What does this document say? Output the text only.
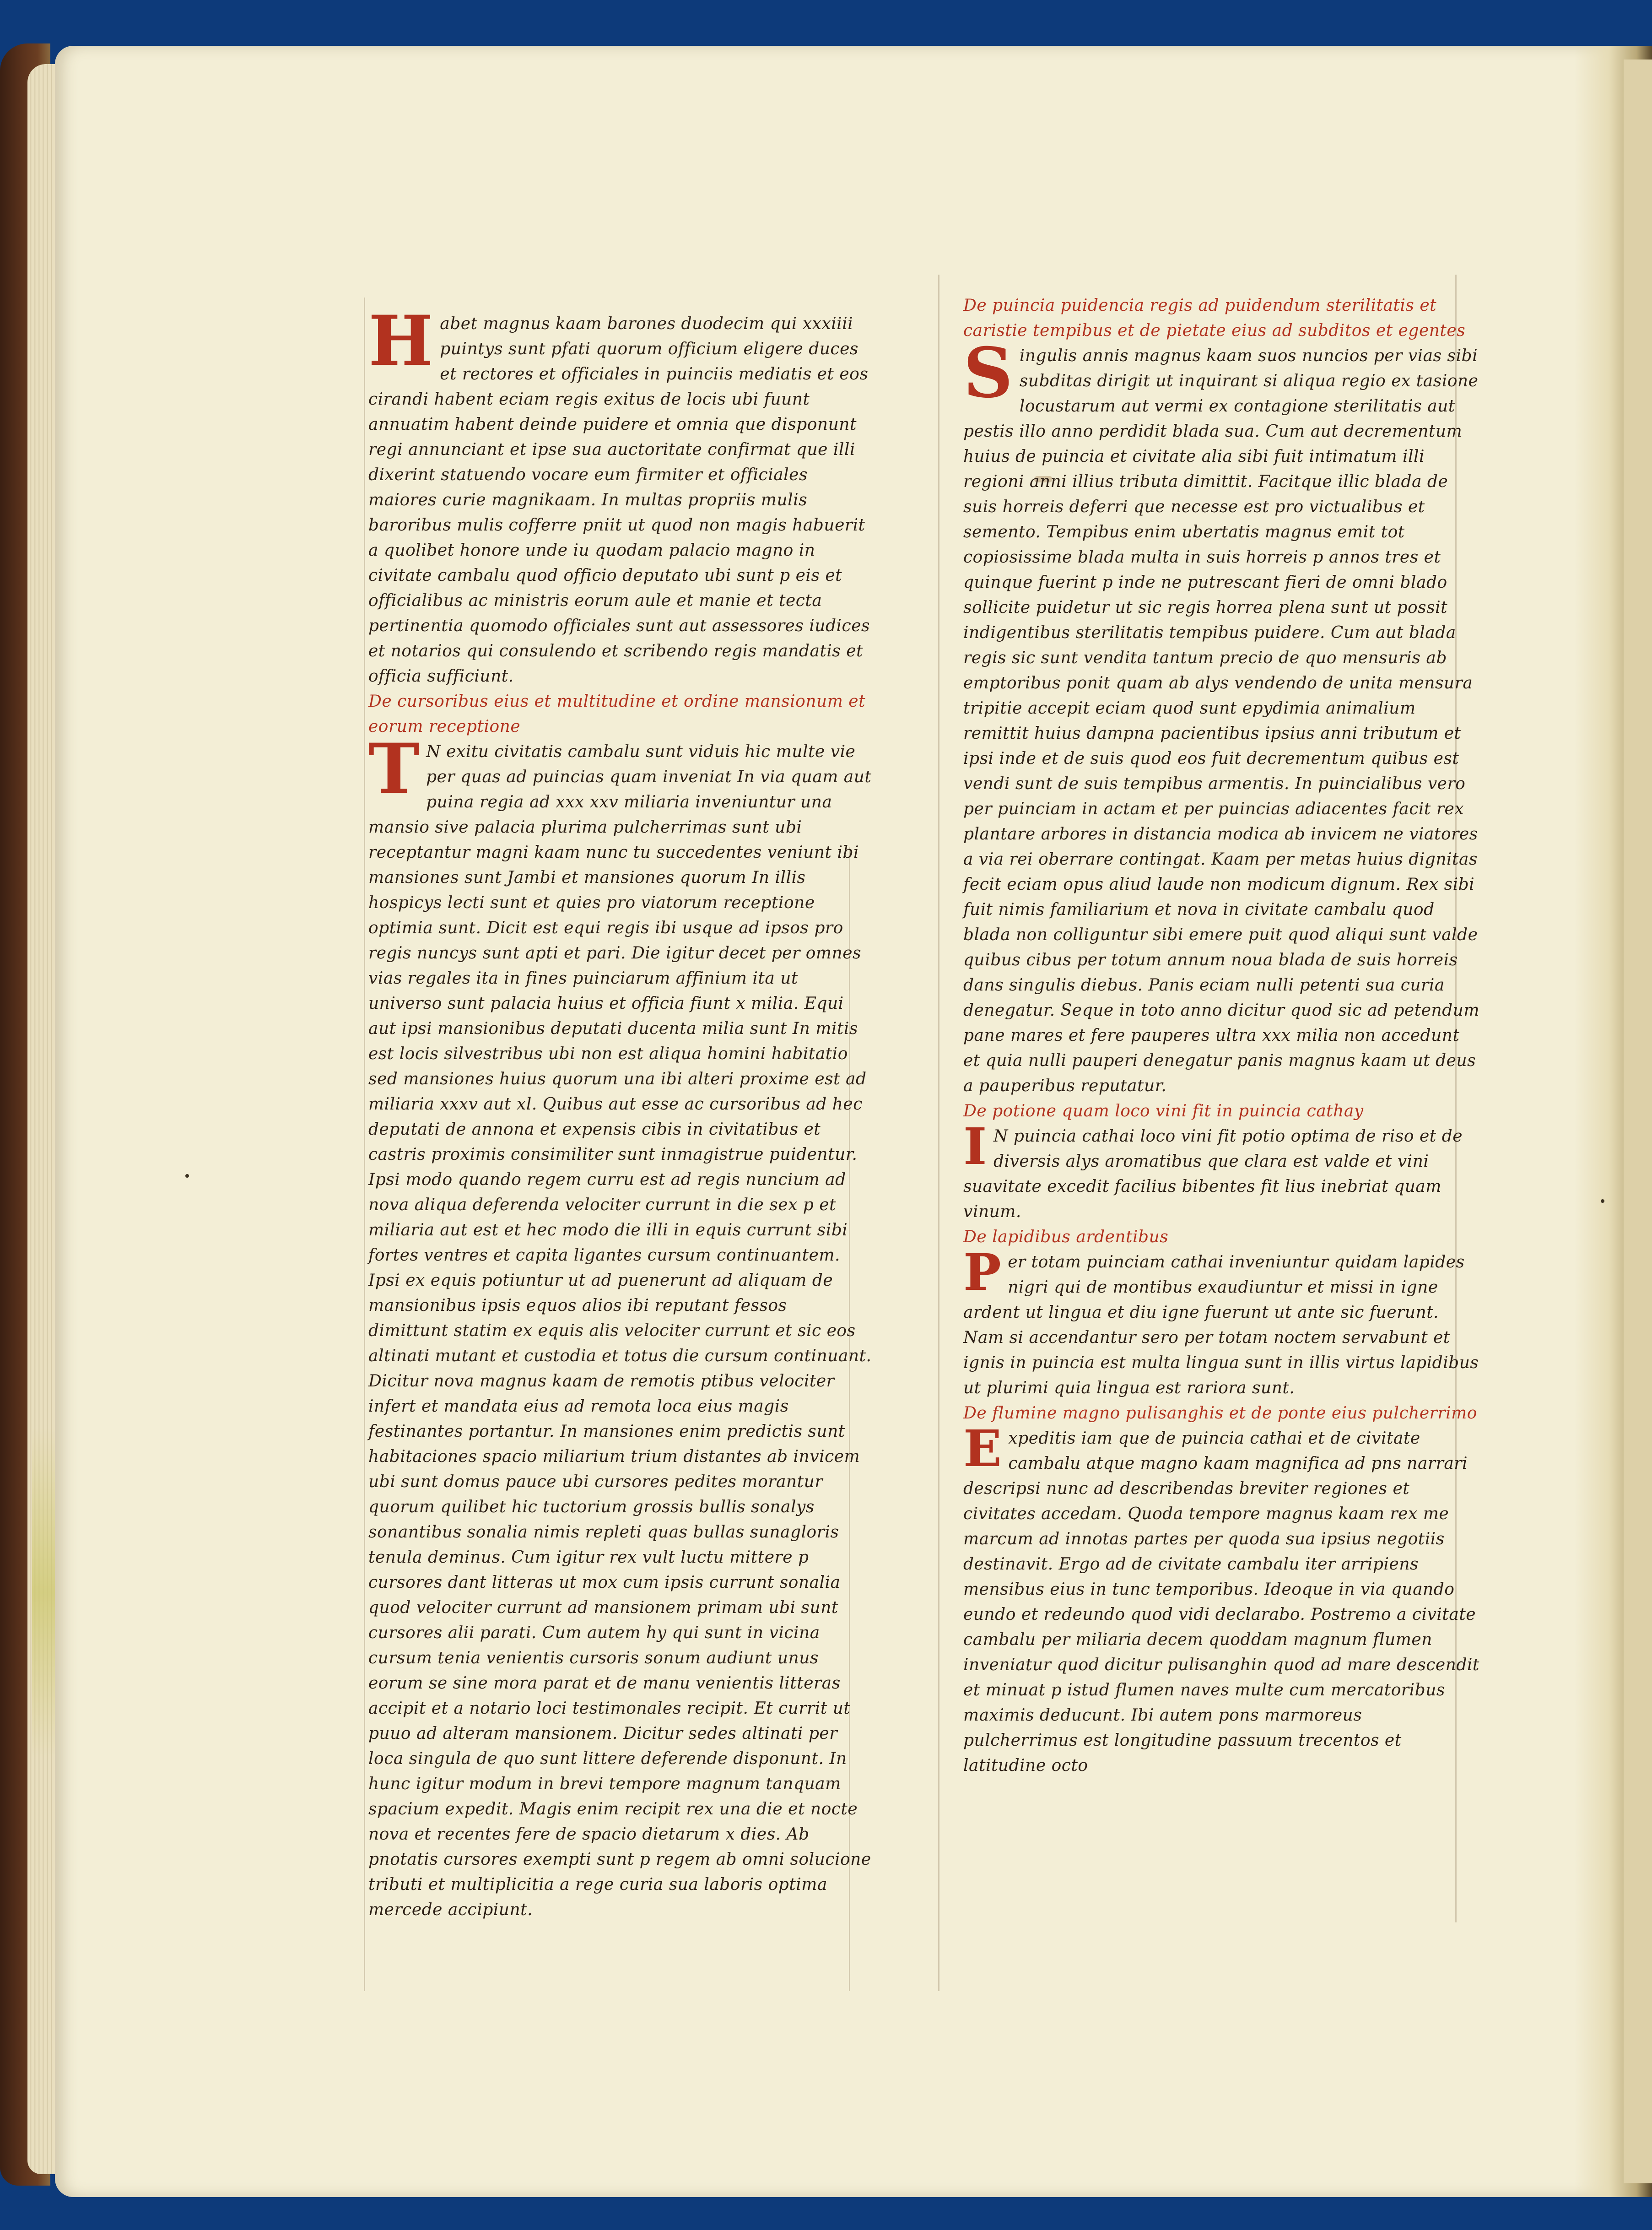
H abet magnus kaam barones duodecim qui xxxiiii puintys sunt pfati quorum officium eligere duces et rectores et officiales in puinciis mediatis et eos cirandi habent eciam regis exitus de locis ubi fuunt annuatim habent deinde puidere et omnia que disponunt regi annunciant et ipse sua auctoritate confirmat que illi dixerint statuendo vocare eum firmiter et officiales maiores curie magnikaam. In multas propriis mulis baroribus mulis cofferre pniit ut quod non magis habuerit a quolibet honore unde iu quodam palacio magno in civitate cambalu quod officio deputato ubi sunt p eis et officialibus ac ministris eorum aule et manie et tecta pertinentia quomodo officiales sunt aut assessores iudices et notarios qui consulendo et scribendo regis mandatis et officia sufficiunt.
De cursoribus eius et multitudine et ordine mansionum et eorum receptione
T N exitu civitatis cambalu sunt viduis hic multe vie per quas ad puincias quam inveniat In via quam aut puina regia ad xxx xxv miliaria inveniuntur una mansio sive palacia plurima pulcherrimas sunt ubi receptantur magni kaam nunc tu succedentes veniunt ibi mansiones sunt Jambi et mansiones quorum In illis hospicys lecti sunt et quies pro viatorum receptione optimia sunt. Dicit est equi regis ibi usque ad ipsos pro regis nuncys sunt apti et pari. Die igitur decet per omnes vias regales ita in fines puinciarum affinium ita ut universo sunt palacia huius et officia fiunt x milia. Equi aut ipsi mansionibus deputati ducenta milia sunt In mitis est locis silvestribus ubi non est aliqua homini habitatio sed mansiones huius quorum una ibi alteri proxime est ad miliaria xxxv aut xl. Quibus aut esse ac cursoribus ad hec deputati de annona et expensis cibis in civitatibus et castris proximis consimiliter sunt inmagistrue puidentur. Ipsi modo quando regem curru est ad regis nuncium ad nova aliqua deferenda velociter currunt in die sex p et miliaria aut est et hec modo die illi in equis currunt sibi fortes ventres et capita ligantes cursum continuantem. Ipsi ex equis potiuntur ut ad puenerunt ad aliquam de mansionibus ipsis equos alios ibi reputant fessos dimittunt statim ex equis alis velociter currunt et sic eos altinati mutant et custodia et totus die cursum continuant. Dicitur nova magnus kaam de remotis ptibus velociter infert et mandata eius ad remota loca eius magis festinantes portantur. In mansiones enim predictis sunt habitaciones spacio miliarium trium distantes ab invicem ubi sunt domus pauce ubi cursores pedites morantur quorum quilibet hic tuctorium grossis bullis sonalys sonantibus sonalia nimis repleti quas bullas sunagloris tenula deminus. Cum igitur rex vult luctu mittere p cursores dant litteras ut mox cum ipsis currunt sonalia quod velociter currunt ad mansionem primam ubi sunt cursores alii parati. Cum autem hy qui sunt in vicina cursum tenia venientis cursoris sonum audiunt unus eorum se sine mora parat et de manu venientis litteras accipit et a notario loci testimonales recipit. Et currit ut puuo ad alteram mansionem. Dicitur sedes altinati per loca singula de quo sunt littere deferende disponunt. In hunc igitur modum in brevi tempore magnum tanquam spacium expedit. Magis enim recipit rex una die et nocte nova et recentes fere de spacio dietarum x dies. Ab pnotatis cursores exempti sunt p regem ab omni solucione tributi et multiplicitia a rege curia sua laboris optima mercede accipiunt.
De puincia puidencia regis ad puidendum sterilitatis et caristie tempibus et de pietate eius ad subditos et egentes
S ingulis annis magnus kaam suos nuncios per vias sibi subditas dirigit ut inquirant si aliqua regio ex tasione locustarum aut vermi ex contagione sterilitatis aut pestis illo anno perdidit blada sua. Cum aut decrementum huius de puincia et civitate alia sibi fuit intimatum illi regioni anni illius tributa dimittit. Facitque illic blada de suis horreis deferri que necesse est pro victualibus et semento. Tempibus enim ubertatis magnus emit tot copiosissime blada multa in suis horreis p annos tres et quinque fuerint p inde ne putrescant fieri de omni blado sollicite puidetur ut sic regis horrea plena sunt ut possit indigentibus sterilitatis tempibus puidere. Cum aut blada regis sic sunt vendita tantum precio de quo mensuris ab emptoribus ponit quam ab alys vendendo de unita mensura tripitie accepit eciam quod sunt epydimia animalium remittit huius dampna pacientibus ipsius anni tributum et ipsi inde et de suis quod eos fuit decrementum quibus est vendi sunt de suis tempibus armentis. In puincialibus vero per puinciam in actam et per puincias adiacentes facit rex plantare arbores in distancia modica ab invicem ne viatores a via rei oberrare contingat. Kaam per metas huius dignitas fecit eciam opus aliud laude non modicum dignum. Rex sibi fuit nimis familiarium et nova in civitate cambalu quod blada non colliguntur sibi emere puit quod aliqui sunt valde quibus cibus per totum annum noua blada de suis horreis dans singulis diebus. Panis eciam nulli petenti sua curia denegatur. Seque in toto anno dicitur quod sic ad petendum pane mares et fere pauperes ultra xxx milia non accedunt et quia nulli pauperi denegatur panis magnus kaam ut deus a pauperibus reputatur.
De potione quam loco vini fit in puincia cathay
I N puincia cathai loco vini fit potio optima de riso et de diversis alys aromatibus que clara est valde et vini suavitate excedit facilius bibentes fit lius inebriat quam vinum.
De lapidibus ardentibus
P er totam puinciam cathai inveniuntur quidam lapides nigri qui de montibus exaudiuntur et missi in igne ardent ut lingua et diu igne fuerunt ut ante sic fuerunt. Nam si accendantur sero per totam noctem servabunt et ignis in puincia est multa lingua sunt in illis virtus lapidibus ut plurimi quia lingua est rariora sunt.
De flumine magno pulisanghis et de ponte eius pulcherrimo
E xpeditis iam que de puincia cathai et de civitate cambalu atque magno kaam magnifica ad pns narrari descripsi nunc ad describendas breviter regiones et civitates accedam. Quoda tempore magnus kaam rex me marcum ad innotas partes per quoda sua ipsius negotiis destinavit. Ergo ad de civitate cambalu iter arripiens mensibus eius in tunc temporibus. Ideoque in via quando eundo et redeundo quod vidi declarabo. Postremo a civitate cambalu per miliaria decem quoddam magnum flumen inveniatur quod dicitur pulisanghin quod ad mare descendit et minuat p istud flumen naves multe cum mercatoribus maximis deducunt. Ibi autem pons marmoreus pulcherrimus est longitudine passuum trecentos et latitudine octo
